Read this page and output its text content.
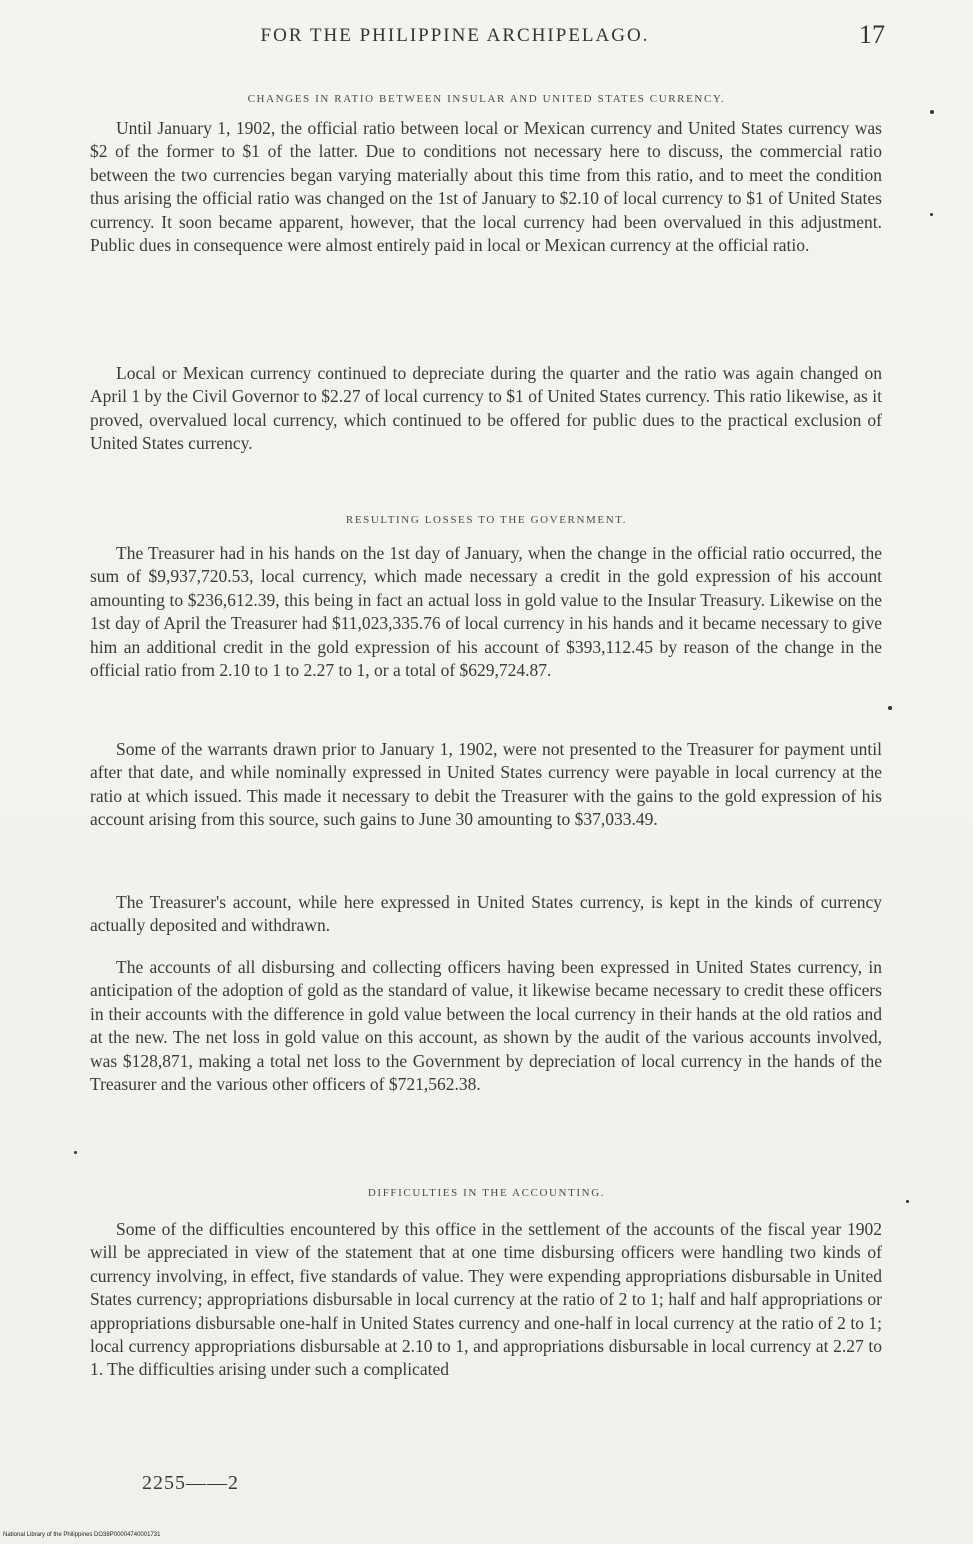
FOR THE PHILIPPINE ARCHIPELAGO.	17
CHANGES IN RATIO BETWEEN INSULAR AND UNITED STATES CURRENCY.

Until January 1, 1902, the official ratio between local or Mexican currency and United States currency was $2 of the former to $1 of the latter. Due to conditions not necessary here to discuss, the commercial ratio between the two currencies began varying materially about this time from this ratio, and to meet the condition thus arising the official ratio was changed on the 1st of January to $2.10 of local currency to $1 of United States currency. It soon became apparent, however, that the local currency had been overvalued in this adjustment. Public dues in consequence were almost entirely paid in local or Mexican currency at the official ratio.

Local or Mexican currency continued to depreciate during the quarter and the ratio was again changed on April 1 by the Civil Governor to $2.27 of local currency to $1 of United States currency. This ratio likewise, as it proved, overvalued local currency, which continued to be offered for public dues to the practical exclusion of United States currency.

RESULTING LOSSES TO THE GOVERNMENT.

The Treasurer had in his hands on the 1st day of January, when the change in the official ratio occurred, the sum of $9,937,720.53, local currency, which made necessary a credit in the gold expression of his account amounting to $236,612.39, this being in fact an actual loss in gold value to the Insular Treasury. Likewise on the 1st day of April the Treasurer had $11,023,335.76 of local currency in his hands and it became necessary to give him an additional credit in the gold expression of his account of $393,112.45 by reason of the change in the official ratio from 2.10 to 1 to 2.27 to 1, or a total of $629,724.87.

Some of the warrants drawn prior to January 1, 1902, were not presented to the Treasurer for payment until after that date, and while nominally expressed in United States currency were payable in local currency at the ratio at which issued. This made it necessary to debit the Treasurer with the gains to the gold expression of his account arising from this source, such gains to June 30 amounting to $37,033.49.

The Treasurer's account, while here expressed in United States currency, is kept in the kinds of currency actually deposited and withdrawn.

The accounts of all disbursing and collecting officers having been expressed in United States currency, in anticipation of the adoption of gold as the standard of value, it likewise became necessary to credit these officers in their accounts with the difference in gold value between the local currency in their hands at the old ratios and at the new. The net loss in gold value on this account, as shown by the audit of the various accounts involved, was $128,871, making a total net loss to the Government by depreciation of local currency in the hands of the Treasurer and the various other officers of $721,562.38.

DIFFICULTIES IN THE ACCOUNTING.

Some of the difficulties encountered by this office in the settlement of the accounts of the fiscal year 1902 will be appreciated in view of the statement that at one time disbursing officers were handling two kinds of currency involving, in effect, five standards of value. They were expending appropriations disbursable in United States currency; appropriations disbursable in local currency at the ratio of 2 to 1; half and half appropriations or appropriations disbursable one-half in United States currency and one-half in local currency at the ratio of 2 to 1; local currency appropriations disbursable at 2.10 to 1, and appropriations disbursable in local currency at 2.27 to 1. The difficulties arising under such a complicated

2255——2
National Library of the Philippines DO38P00004740001731
